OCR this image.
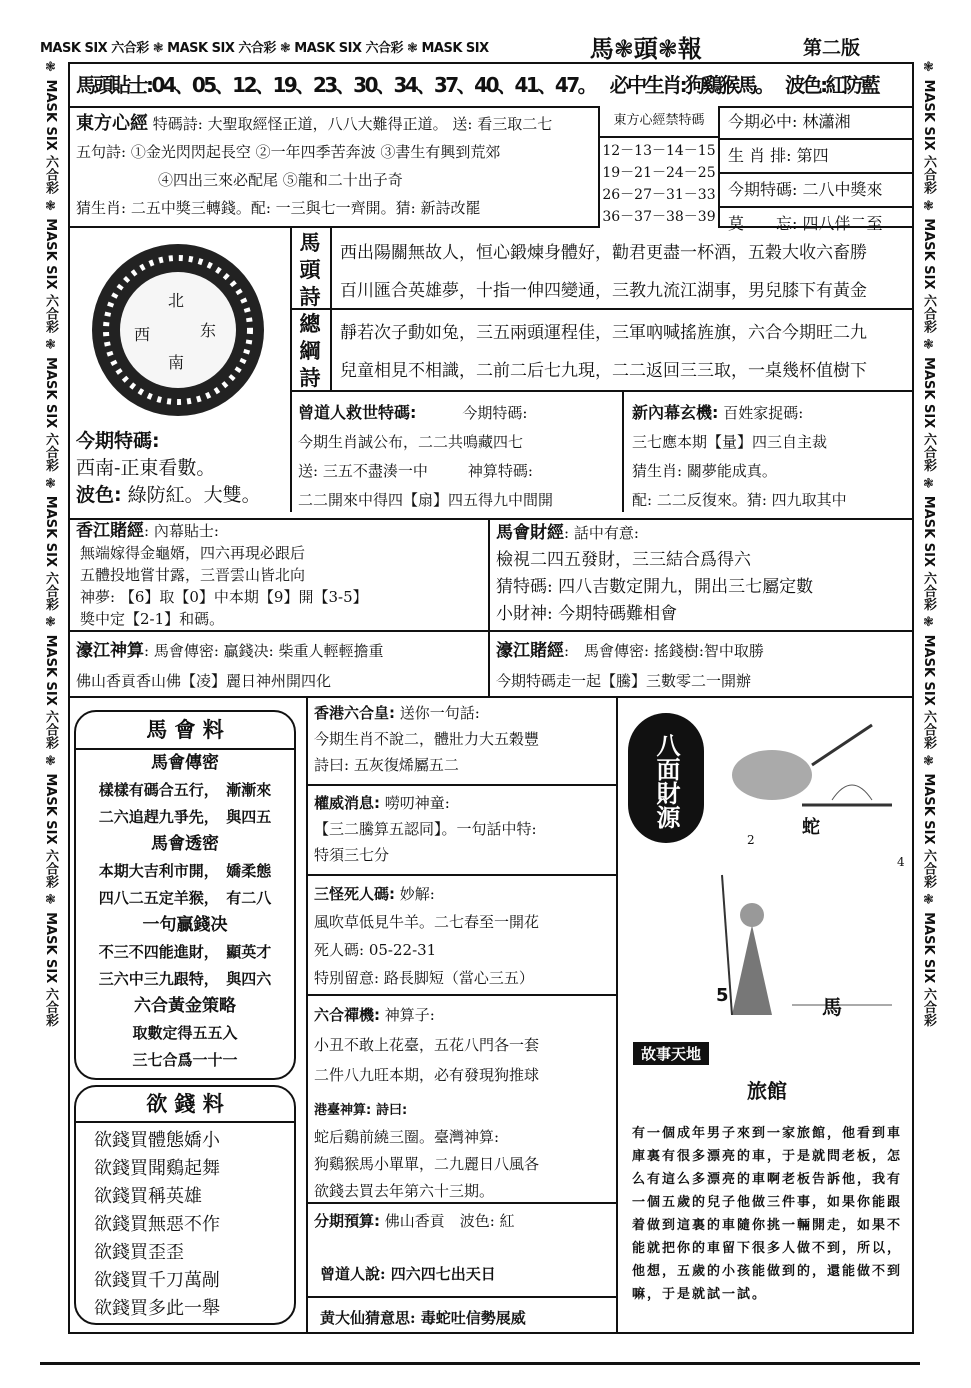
MASK SIX 六合彩 ❃ MASK SIX 六合彩 ❃ MASK SIX 六合彩 ❃ MASK SIX	馬❃頭❃報	第二版
❃ MASK SIX 六合彩 ❃ MASK SIX 六合彩 ❃ MASK SIX 六合彩 ❃ MASK SIX 六合彩 ❃ MASK SIX 六合彩 ❃ MASK SIX 六合彩 ❃ MASK SIX 六合彩	❃ MASK SIX 六合彩 ❃ MASK SIX 六合彩 ❃ MASK SIX 六合彩 ❃ MASK SIX 六合彩 ❃ MASK SIX 六合彩 ❃ MASK SIX 六合彩 ❃ MASK SIX 六合彩
馬頭貼士:04、05、12、19、23、30、34、37、40、41、47。 必中生肖:狗鷄猴馬。 波色:紅防藍
東方心經 特碼詩: 大聖取經怪正道，八八大難得正道。 送: 看三取二七
五句詩: ①金光閃閃起長空 ②一年四季苦奔波 ③書生有興到荒郊
④四出三來必配尾 ⑤龍和二十出子奇
猜生肖: 二五中獎三轉錢。配: 一三與七一齊開。猜: 新詩改罷
東方心經禁特碼
12－13－14－15
19－21－24－25
26－27－31－33
36－37－38－39
今期必中: 林瀟湘
生 肖 排: 第四
今期特碼: 二八中獎來
莫　　忘: 四八伴二至
北
西	东
南
今期特碼:
西南-正東看數。
波色: 綠防紅。大雙。
馬頭詩
總綱詩
西出陽關無故人，恒心鍛煉身體好，勸君更盡一杯酒，五穀大收六畜勝
百川匯合英雄夢，十指一伸四變通，三教九流江湖事，男兒膝下有黃金
靜若次子動如兔，三五兩頭運程佳，三軍吶喊搖旌旗，六合今期旺二九
兒童相見不相識，二前二后七九現，二二返回三三取，一桌幾杯值樹下
曾道人救世特碼:	今期特碼:
今期生肖誠公布，二二共鳴藏四七
送: 三五不盡湊一中	神算特碼:
二二開來中得四【扇】四五得九中間開
新內幕玄機: 百姓家捉碼:
三七應本期【量】四三自主裁
猜生肖: 關夢能成真。
配: 二二反復來。猜: 四九取其中
香江賭經: 內幕貼士:
無端嫁得金龜婿，四六再現必跟后
五體投地嘗甘露，三晋雲山皆北向
神夢: 【6】取【0】中本期【9】開【3-5】
獎中定【2-1】和碼。
馬會財經: 話中有意:
檢視二四五發財，三三結合爲得六
猜特碼: 四八吉數定開九，開出三七屬定數
小財神: 今期特碼難相會
濠江神算: 馬會傳密: 贏錢决: 柴重人輕輕擔重
佛山香貢香山佛【凌】麗日神州開四化
濠江賭經:　馬會傳密: 搖錢樹:智中取勝
今期特碼走一起【騰】三數零二一開辦
馬 會 料
馬會傳密
樣樣有碼合五行，　漸漸來
二六追趕九爭先，　與四五
馬會透密
本期大吉利市開，　嬌柔態
四八二五定羊猴，　有二八
一句贏錢决
不三不四能進財，　顯英才
三六中三九跟特，　與四六
六合黃金策略
取數定得五五入
三七合爲一十一
欲 錢 料
欲錢買體態嬌小
欲錢買聞鷄起舞
欲錢買稱英雄
欲錢買無惡不作
欲錢買歪歪
欲錢買千刀萬剮
欲錢買多此一舉
香港六合皇: 送你一句話:
今期生肖不說二，體壯力大五穀豐
詩曰: 五灰復烯屬五二
權威消息: 嘮叨神童:
【三二騰算五認同】。一句話中特:
特須三七分
三怪死人碼: 妙解:
風吹草低見牛羊。二七春至一開花
死人碼: 05-22-31
特別留意: 路長脚短（當心三五）
六合禪機: 神算子:
小丑不敢上花臺，五花八門各一套
二件八九旺本期，必有發現狗推球
港臺神算: 詩曰:
蛇后鷄前繞三圈。臺灣神算:
狗鷄猴馬小單單，二九麗日八風各
欲錢去買去年第六十三期。
分期預算: 佛山香貢　波色: 紅
曾道人說: 四六四七出天日
黄大仙猜意思: 毒蛇吐信勢展威
八面財源	蛇
2
4
5	馬
故事天地
旅館
有一個成年男子來到一家旅館，他看到車庫裏有很多漂亮的車，于是就問老板，怎么有這么多漂亮的車啊老板告訴他，我有一個五歲的兒子他做三件事，如果你能跟着做到這裏的車隨你挑一輛開走，如果不能就把你的車留下很多人做不到，所以，他想，五歲的小孩能做到的，還能做不到嘛，于是就試一試。
